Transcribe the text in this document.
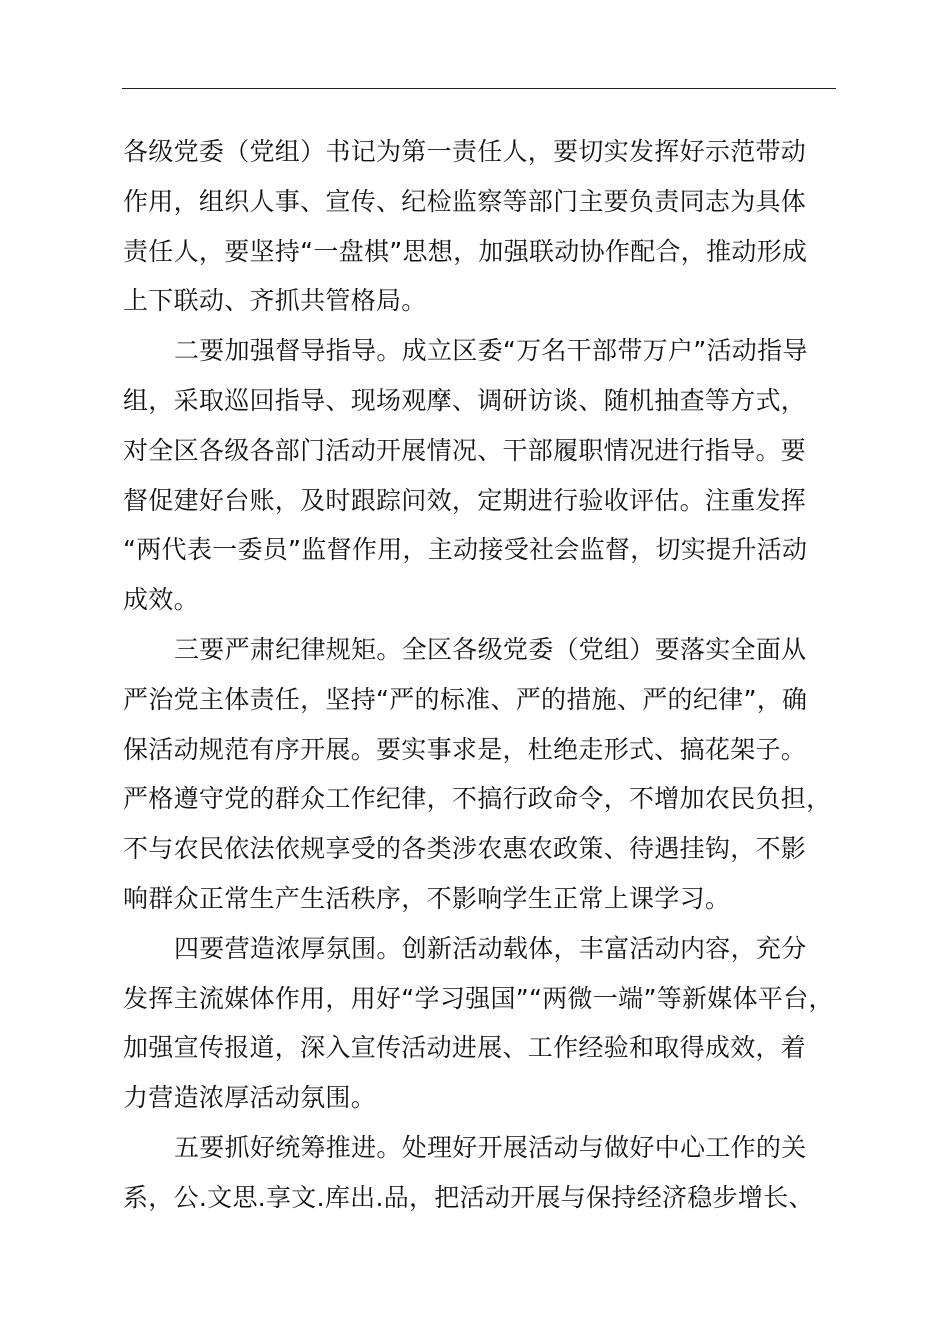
各级党委（党组）书记为第一责任人，要切实发挥好示范带动
作用，组织人事、宣传、纪检监察等部门主要负责同志为具体
责任人，要坚持“一盘棋”思想，加强联动协作配合，推动形成
上下联动、齐抓共管格局。
二要加强督导指导。成立区委“万名干部带万户”活动指导
组，采取巡回指导、现场观摩、调研访谈、随机抽查等方式，
对全区各级各部门活动开展情况、干部履职情况进行指导。要
督促建好台账，及时跟踪问效，定期进行验收评估。注重发挥
“两代表一委员”监督作用，主动接受社会监督，切实提升活动
成效。
三要严肃纪律规矩。全区各级党委（党组）要落实全面从
严治党主体责任，坚持“严的标准、严的措施、严的纪律”，确
保活动规范有序开展。要实事求是，杜绝走形式、搞花架子。
严格遵守党的群众工作纪律，不搞行政命令，不增加农民负担，
不与农民依法依规享受的各类涉农惠农政策、待遇挂钩，不影
响群众正常生产生活秩序，不影响学生正常上课学习。
四要营造浓厚氛围。创新活动载体，丰富活动内容，充分
发挥主流媒体作用，用好“学习强国”“两微一端”等新媒体平台，
加强宣传报道，深入宣传活动进展、工作经验和取得成效，着
力营造浓厚活动氛围。
五要抓好统筹推进。处理好开展活动与做好中心工作的关
系，公.文思.享文.库出.品，把活动开展与保持经济稳步增长、
